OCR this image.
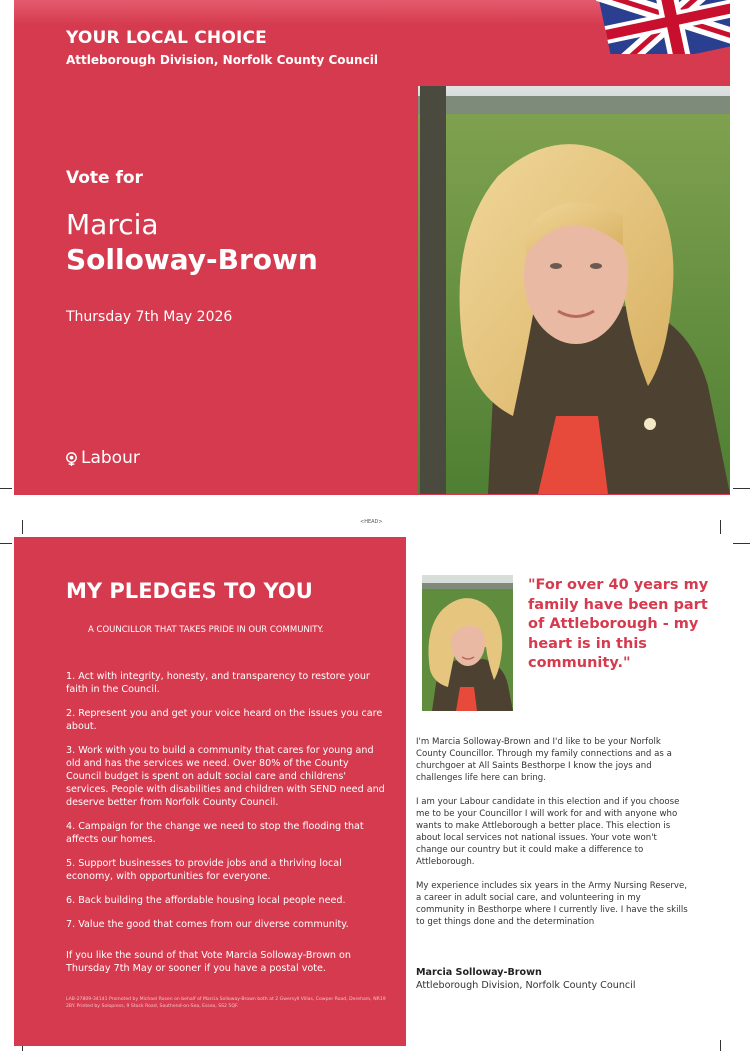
YOUR LOCAL CHOICE
Attleborough Division, Norfolk County Council
Vote for
Marcia
Solloway-Brown
Thursday 7th May 2026
Labour
<HEAD>
MY PLEDGES TO YOU
A COUNCILLOR THAT TAKES PRIDE IN OUR COMMUNITY.

1. Act with integrity, honesty, and transparency to restore your faith in the Council.

2. Represent you and get your voice heard on the issues you care about.

3. Work with you to build a community that cares for young and old and has the services we need. Over 80% of the County Council budget is spent on adult social care and childrens' services. People with disabilities and children with SEND need and deserve better from Norfolk County Council.

4. Campaign for the change we need to stop the flooding that affects our homes.

5. Support businesses to provide jobs and a thriving local economy, with opportunities for everyone.

6. Back building the affordable housing local people need.

7. Value the good that comes from our diverse community.

If you like the sound of that Vote Marcia Solloway-Brown on Thursday 7th May or sooner if you have a postal vote.
LAB-27809-34141 Promoted by Michael Rosen on behalf of Marcia Solloway-Brown both at 2 Gwersyll Villas, Cowper Road, Dereham, NR19 2BY. Printed by Solopress, 9 Stock Road, Southend-on-Sea, Essex, SS2 5QF.
"For over 40 years my family have been part of Attleborough - my heart is in this community."

I'm Marcia Solloway-Brown and I'd like to be your Norfolk County Councillor. Through my family connections and as a churchgoer at All Saints Besthorpe I know the joys and challenges life here can bring.

I am your Labour candidate in this election and if you choose me to be your Councillor I will work for and with anyone who wants to make Attleborough a better place. This election is about local services not national issues. Your vote won't change our country but it could make a difference to Attleborough.

My experience includes six years in the Army Nursing Reserve, a career in adult social care, and volunteering in my community in Besthorpe where I currently live. I have the skills to get things done and the determination

Marcia Solloway-Brown
Attleborough Division, Norfolk County Council
